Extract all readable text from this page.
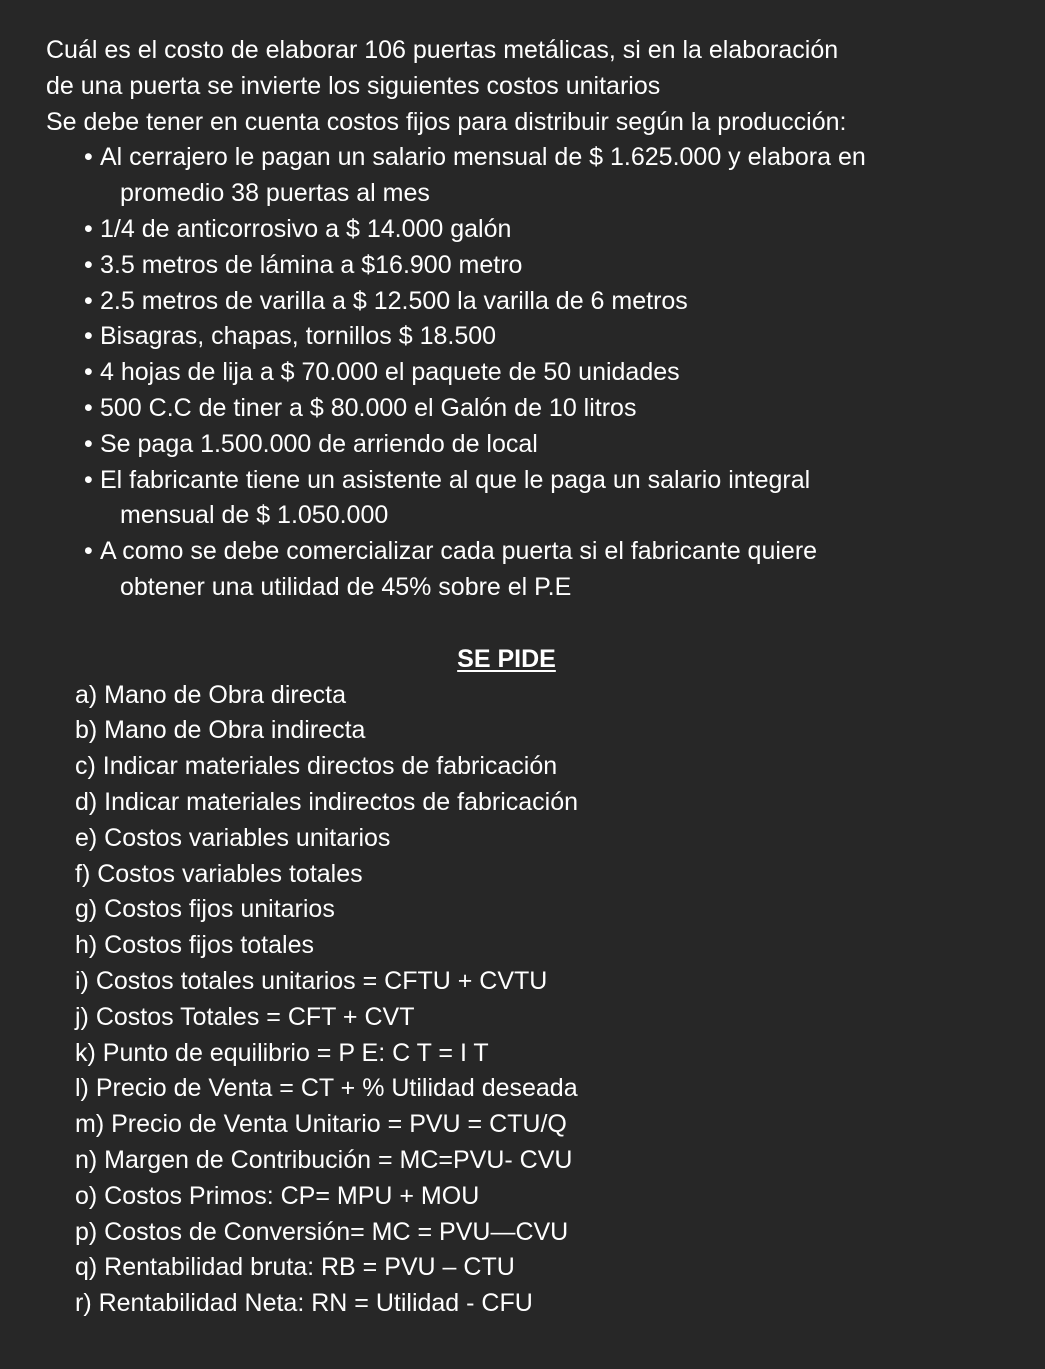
Cuál es el costo de elaborar 106 puertas metálicas, si en la elaboración

de una puerta se invierte los siguientes costos unitarios

Se debe tener en cuenta costos fijos para distribuir según la producción:

• Al cerrajero le pagan un salario mensual de $ 1.625.000 y elabora en
promedio 38 puertas al mes
• 1/4 de anticorrosivo a $ 14.000 galón
• 3.5 metros de lámina a $16.900 metro
• 2.5 metros de varilla a $ 12.500 la varilla de 6 metros
• Bisagras, chapas, tornillos $ 18.500
• 4 hojas de lija a $ 70.000 el paquete de 50 unidades
• 500 C.C de tiner a $ 80.000 el Galón de 10 litros
• Se paga 1.500.000 de arriendo de local
• El fabricante tiene un asistente al que le paga un salario integral
mensual de $ 1.050.000
• A como se debe comercializar cada puerta si el fabricante quiere
obtener una utilidad de 45% sobre el P.E
SE PIDE
a) Mano de Obra directa
b) Mano de Obra indirecta
c) Indicar materiales directos de fabricación
d) Indicar materiales indirectos de fabricación
e) Costos variables unitarios
f) Costos variables totales
g) Costos fijos unitarios
h) Costos fijos totales
i) Costos totales unitarios = CFTU + CVTU
j) Costos Totales = CFT + CVT
k) Punto de equilibrio = P E: C T = I T
l) Precio de Venta = CT + % Utilidad deseada
m) Precio de Venta Unitario = PVU = CTU/Q
n) Margen de Contribución = MC=PVU- CVU
o) Costos Primos: CP= MPU + MOU
p) Costos de Conversión= MC = PVU—CVU
q) Rentabilidad bruta: RB = PVU – CTU
r) Rentabilidad Neta: RN = Utilidad - CFU
